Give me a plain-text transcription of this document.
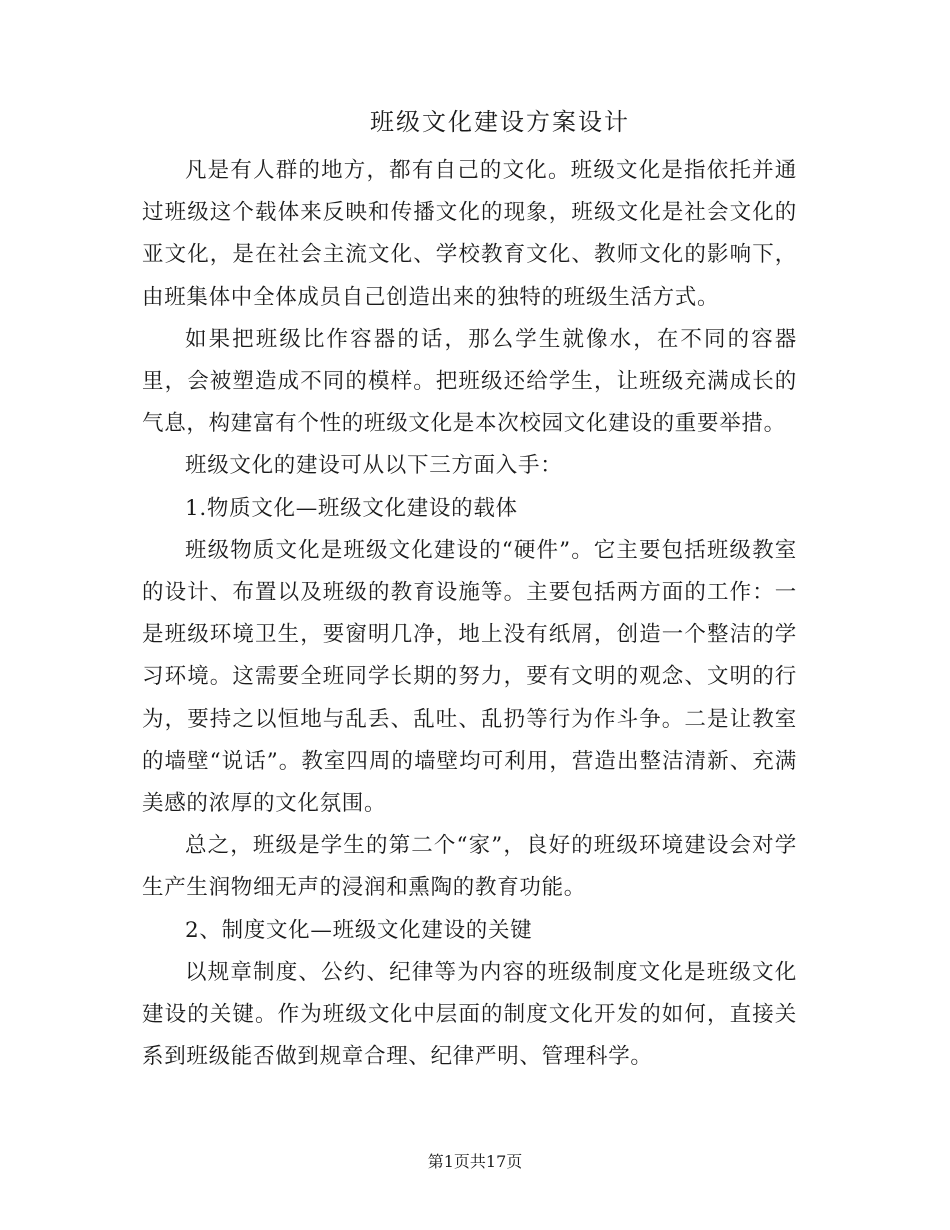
班级文化建设方案设计

凡是有人群的地方，都有自己的文化。班级文化是指依托并通过班级这个载体来反映和传播文化的现象，班级文化是社会文化的亚文化，是在社会主流文化、学校教育文化、教师文化的影响下，由班集体中全体成员自己创造出来的独特的班级生活方式。

如果把班级比作容器的话，那么学生就像水，在不同的容器里，会被塑造成不同的模样。把班级还给学生，让班级充满成长的气息，构建富有个性的班级文化是本次校园文化建设的重要举措。

班级文化的建设可从以下三方面入手：

1.物质文化—班级文化建设的载体

班级物质文化是班级文化建设的“硬件”。它主要包括班级教室的设计、布置以及班级的教育设施等。主要包括两方面的工作：一是班级环境卫生，要窗明几净，地上没有纸屑，创造一个整洁的学习环境。这需要全班同学长期的努力，要有文明的观念、文明的行为，要持之以恒地与乱丢、乱吐、乱扔等行为作斗争。二是让教室的墙壁“说话”。教室四周的墙壁均可利用，营造出整洁清新、充满美感的浓厚的文化氛围。

总之，班级是学生的第二个“家”，良好的班级环境建设会对学生产生润物细无声的浸润和熏陶的教育功能。

2、制度文化—班级文化建设的关键

以规章制度、公约、纪律等为内容的班级制度文化是班级文化建设的关键。作为班级文化中层面的制度文化开发的如何，直接关系到班级能否做到规章合理、纪律严明、管理科学。

第1页共17页
